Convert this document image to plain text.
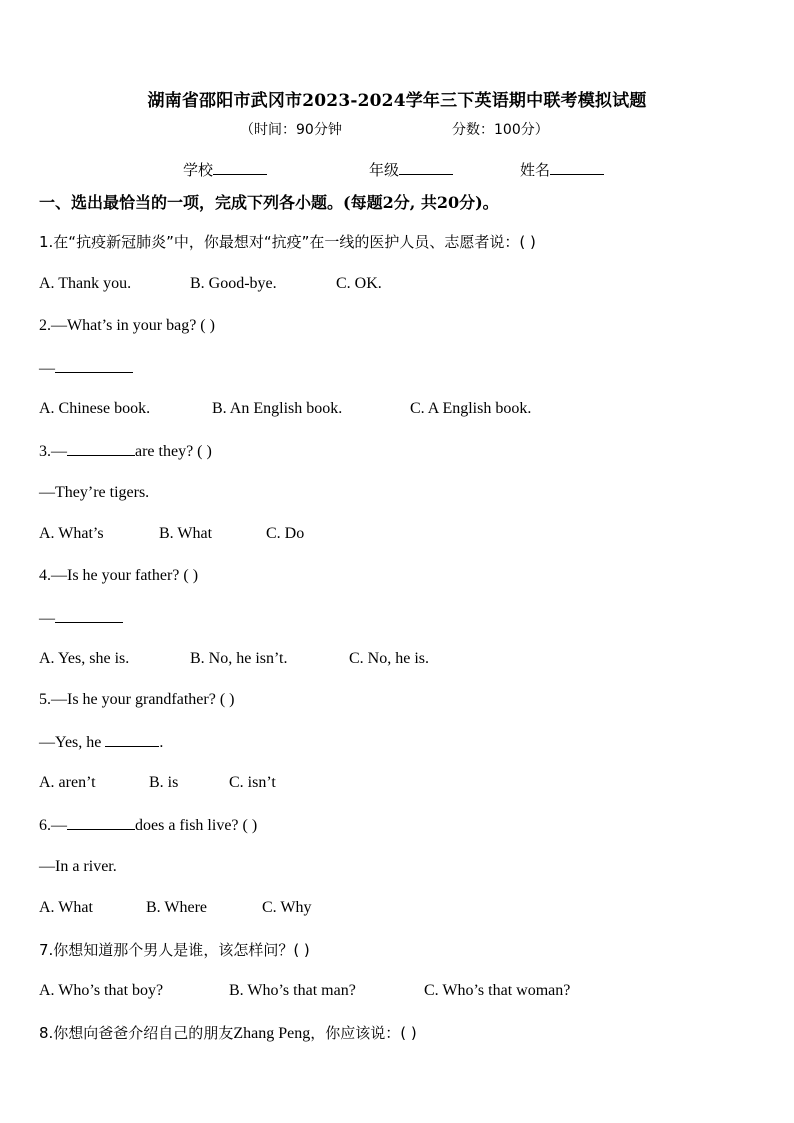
湖南省邵阳市武冈市2023-2024学年三下英语期中联考模拟试题
（时间：90分钟	分数：100分）
学校	年级	姓名
一、选出最恰当的一项，完成下列各小题。(每题2分, 共20分)。
1.在“抗疫新冠肺炎”中，你最想对“抗疫”在一线的医护人员、志愿者说：( )
A. Thank you.	B. Good-bye.	C. OK.
2.—What’s in your bag? ( )
—
A. Chinese book.	B. An English book.	C. A English book.
3.—	are they? ( )
—They’re tigers.
A. What’s	B. What	C. Do
4.—Is he your father? ( )
—
A. Yes, she is.	B. No, he isn’t.	C. No, he is.
5.—Is he your grandfather? ( )
—Yes, he	.
A. aren’t	B. is	C. isn’t
6.—	does a fish live? ( )
—In a river.
A. What	B. Where	C. Why
7.你想知道那个男人是谁，该怎样问？( )
A. Who’s that boy?	B. Who’s that man?	C. Who’s that woman?
8.你想向爸爸介绍自己的朋友Zhang Peng，你应该说：( )
